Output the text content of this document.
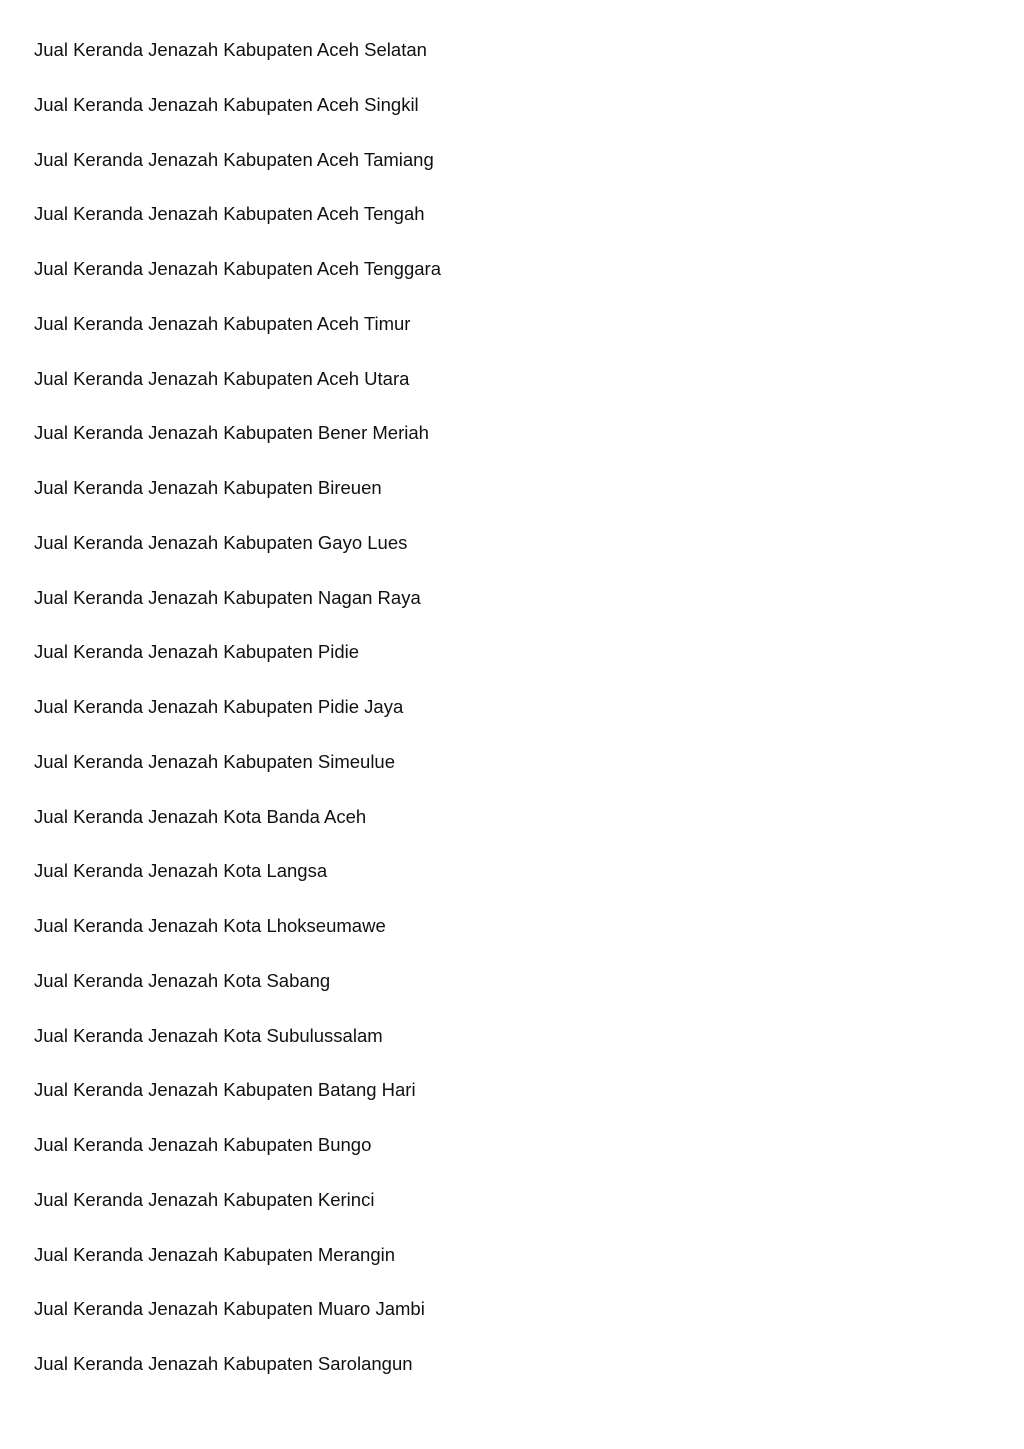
Jual Keranda Jenazah Kabupaten Aceh Selatan
Jual Keranda Jenazah Kabupaten Aceh Singkil
Jual Keranda Jenazah Kabupaten Aceh Tamiang
Jual Keranda Jenazah Kabupaten Aceh Tengah
Jual Keranda Jenazah Kabupaten Aceh Tenggara
Jual Keranda Jenazah Kabupaten Aceh Timur
Jual Keranda Jenazah Kabupaten Aceh Utara
Jual Keranda Jenazah Kabupaten Bener Meriah
Jual Keranda Jenazah Kabupaten Bireuen
Jual Keranda Jenazah Kabupaten Gayo Lues
Jual Keranda Jenazah Kabupaten Nagan Raya
Jual Keranda Jenazah Kabupaten Pidie
Jual Keranda Jenazah Kabupaten Pidie Jaya
Jual Keranda Jenazah Kabupaten Simeulue
Jual Keranda Jenazah Kota Banda Aceh
Jual Keranda Jenazah Kota Langsa
Jual Keranda Jenazah Kota Lhokseumawe
Jual Keranda Jenazah Kota Sabang
Jual Keranda Jenazah Kota Subulussalam
Jual Keranda Jenazah Kabupaten Batang Hari
Jual Keranda Jenazah Kabupaten Bungo
Jual Keranda Jenazah Kabupaten Kerinci
Jual Keranda Jenazah Kabupaten Merangin
Jual Keranda Jenazah Kabupaten Muaro Jambi
Jual Keranda Jenazah Kabupaten Sarolangun
